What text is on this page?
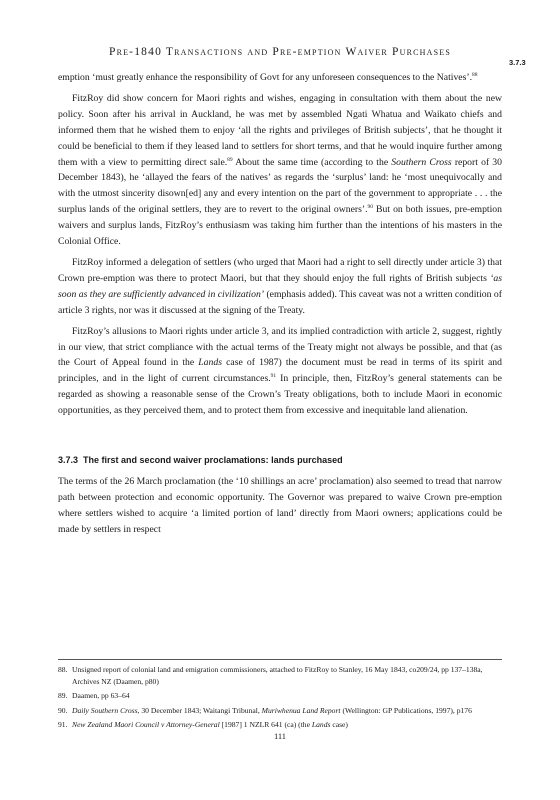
Pre-1840 Transactions and Pre-emption Waiver Purchases
3.7.3

emption ‘must greatly enhance the responsibility of Govt for any unforeseen consequences to the Natives’.$^{88}$

FitzRoy did show concern for Maori rights and wishes, engaging in consultation with them about the new policy. Soon after his arrival in Auckland, he was met by assembled Ngati Whatua and Waikato chiefs and informed them that he wished them to enjoy ‘all the rights and privileges of British subjects’, that he thought it could be beneficial to them if they leased land to settlers for short terms, and that he would inquire further among them with a view to permitting direct sale.$^{89}$ About the same time (according to the Southern Cross report of 30 December 1843), he ‘allayed the fears of the natives’ as regards the ‘surplus’ land: he ‘most unequivocally and with the utmost sincerity disown[ed] any and every intention on the part of the government to appropriate . . . the surplus lands of the original settlers, they are to revert to the original owners’.$^{90}$ But on both issues, pre-emption waivers and surplus lands, FitzRoy’s enthusiasm was taking him further than the intentions of his masters in the Colonial Office.

FitzRoy informed a delegation of settlers (who urged that Maori had a right to sell directly under article 3) that Crown pre-emption was there to protect Maori, but that they should enjoy the full rights of British subjects ‘as soon as they are sufficiently advanced in civilization’ (emphasis added). This caveat was not a written condition of article 3 rights, nor was it discussed at the signing of the Treaty.

FitzRoy’s allusions to Maori rights under article 3, and its implied contradiction with article 2, suggest, rightly in our view, that strict compliance with the actual terms of the Treaty might not always be possible, and that (as the Court of Appeal found in the Lands case of 1987) the document must be read in terms of its spirit and principles, and in the light of current circumstances.$^{91}$ In principle, then, FitzRoy’s general statements can be regarded as showing a reasonable sense of the Crown’s Treaty obligations, both to include Maori in economic opportunities, as they perceived them, and to protect them from excessive and inequitable land alienation.

3.7.3 The first and second waiver proclamations: lands purchased

The terms of the 26 March proclamation (the ‘10 shillings an acre’ proclamation) also seemed to tread that narrow path between protection and economic opportunity. The Governor was prepared to waive Crown pre-emption where settlers wished to acquire ‘a limited portion of land’ directly from Maori owners; applications could be made by settlers in respect

88. Unsigned report of colonial land and emigration commissioners, attached to FitzRoy to Stanley, 16 May 1843, co209/24, pp 137–138a, Archives NZ (Daamen, p80)

89. Daamen, pp 63–64

90. Daily Southern Cross, 30 December 1843; Waitangi Tribunal, Muriwhenua Land Report (Wellington: GP Publications, 1997), p176

91. New Zealand Maori Council v Attorney-General [1987] 1 NZLR 641 (ca) (the Lands case)

111
